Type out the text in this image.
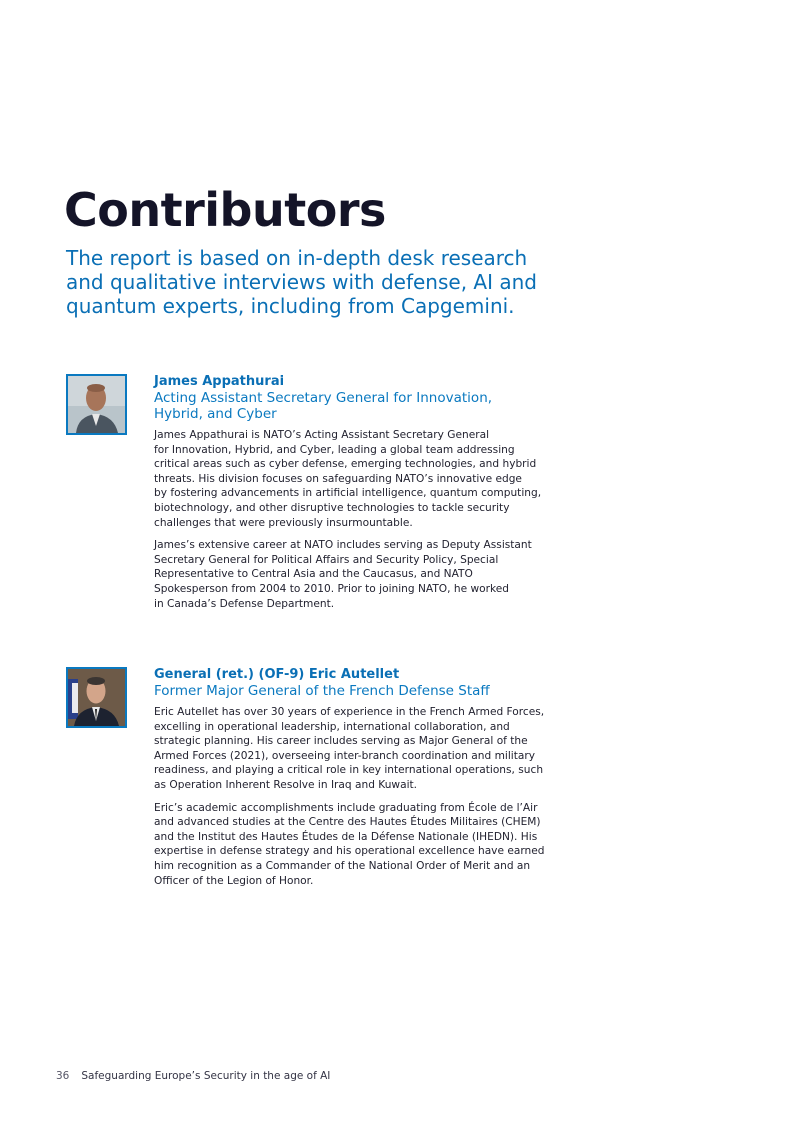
Contributors

The report is based on in-depth desk research
and qualitative interviews with defense, AI and
quantum experts, including from Capgemini.

James Appathurai

Acting Assistant Secretary General for Innovation,
Hybrid, and Cyber

James Appathurai is NATO’s Acting Assistant Secretary General
for Innovation, Hybrid, and Cyber, leading a global team addressing
critical areas such as cyber defense, emerging technologies, and hybrid
threats. His division focuses on safeguarding NATO’s innovative edge
by fostering advancements in artificial intelligence, quantum computing,
biotechnology, and other disruptive technologies to tackle security
challenges that were previously insurmountable.

James’s extensive career at NATO includes serving as Deputy Assistant
Secretary General for Political Affairs and Security Policy, Special
Representative to Central Asia and the Caucasus, and NATO
Spokesperson from 2004 to 2010. Prior to joining NATO, he worked
in Canada’s Defense Department.

General (ret.) (OF-9) Eric Autellet

Former Major General of the French Defense Staff

Eric Autellet has over 30 years of experience in the French Armed Forces,
excelling in operational leadership, international collaboration, and
strategic planning. His career includes serving as Major General of the
Armed Forces (2021), overseeing inter-branch coordination and military
readiness, and playing a critical role in key international operations, such
as Operation Inherent Resolve in Iraq and Kuwait.

Eric’s academic accomplishments include graduating from École de l’Air
and advanced studies at the Centre des Hautes Études Militaires (CHEM)
and the Institut des Hautes Études de la Défense Nationale (IHEDN). His
expertise in defense strategy and his operational excellence have earned
him recognition as a Commander of the National Order of Merit and an
Officer of the Legion of Honor.

36 Safeguarding Europe’s Security in the age of AI
